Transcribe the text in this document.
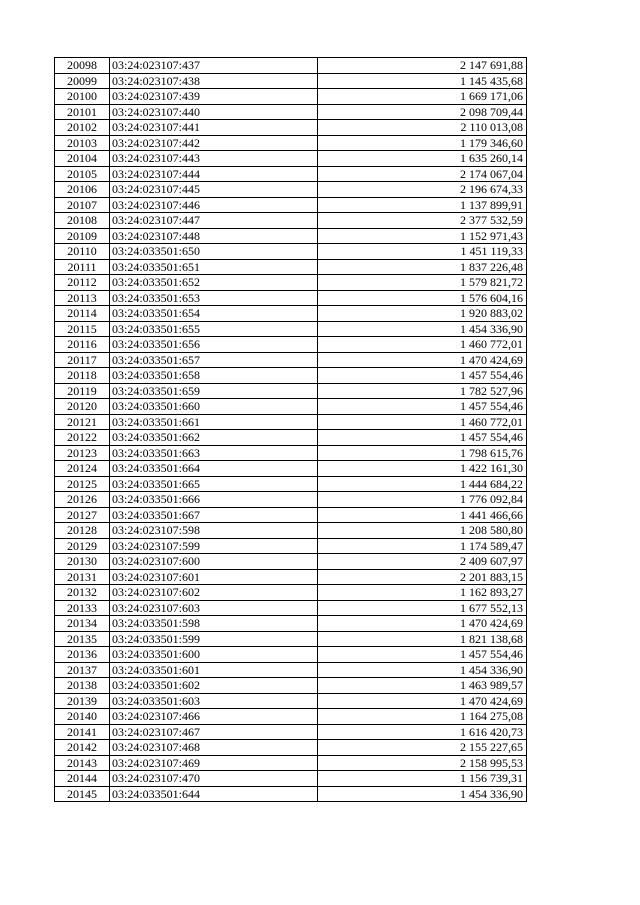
20098	03:24:023107:437	2 147 691,88
20099	03:24:023107:438	1 145 435,68
20100	03:24:023107:439	1 669 171,06
20101	03:24:023107:440	2 098 709,44
20102	03:24:023107:441	2 110 013,08
20103	03:24:023107:442	1 179 346,60
20104	03:24:023107:443	1 635 260,14
20105	03:24:023107:444	2 174 067,04
20106	03:24:023107:445	2 196 674,33
20107	03:24:023107:446	1 137 899,91
20108	03:24:023107:447	2 377 532,59
20109	03:24:023107:448	1 152 971,43
20110	03:24:033501:650	1 451 119,33
20111	03:24:033501:651	1 837 226,48
20112	03:24:033501:652	1 579 821,72
20113	03:24:033501:653	1 576 604,16
20114	03:24:033501:654	1 920 883,02
20115	03:24:033501:655	1 454 336,90
20116	03:24:033501:656	1 460 772,01
20117	03:24:033501:657	1 470 424,69
20118	03:24:033501:658	1 457 554,46
20119	03:24:033501:659	1 782 527,96
20120	03:24:033501:660	1 457 554,46
20121	03:24:033501:661	1 460 772,01
20122	03:24:033501:662	1 457 554,46
20123	03:24:033501:663	1 798 615,76
20124	03:24:033501:664	1 422 161,30
20125	03:24:033501:665	1 444 684,22
20126	03:24:033501:666	1 776 092,84
20127	03:24:033501:667	1 441 466,66
20128	03:24:023107:598	1 208 580,80
20129	03:24:023107:599	1 174 589,47
20130	03:24:023107:600	2 409 607,97
20131	03:24:023107:601	2 201 883,15
20132	03:24:023107:602	1 162 893,27
20133	03:24:023107:603	1 677 552,13
20134	03:24:033501:598	1 470 424,69
20135	03:24:033501:599	1 821 138,68
20136	03:24:033501:600	1 457 554,46
20137	03:24:033501:601	1 454 336,90
20138	03:24:033501:602	1 463 989,57
20139	03:24:033501:603	1 470 424,69
20140	03:24:023107:466	1 164 275,08
20141	03:24:023107:467	1 616 420,73
20142	03:24:023107:468	2 155 227,65
20143	03:24:023107:469	2 158 995,53
20144	03:24:023107:470	1 156 739,31
20145	03:24:033501:644	1 454 336,90
